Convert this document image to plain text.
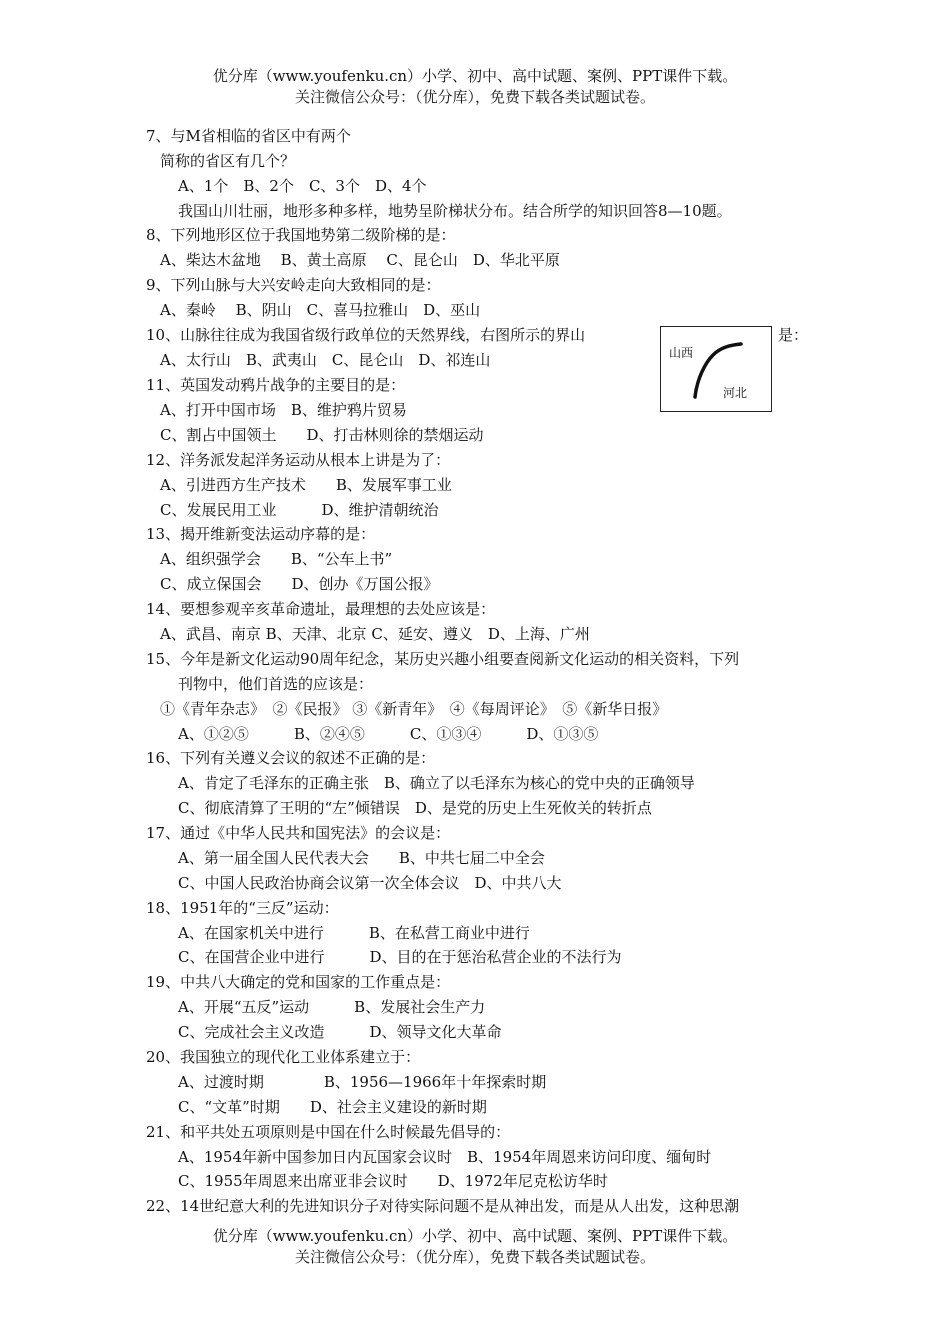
优分库（www.youfenku.cn）小学、初中、高中试题、案例、PPT课件下载。
关注微信公众号：（优分库），免费下载各类试题试卷。
7、与M省相临的省区中有两个
简称的省区有几个？
A、1个　B、2个　C、3个　D、4个
我国山川壮丽，地形多种多样，地势呈阶梯状分布。结合所学的知识回答8—10题。
8、下列地形区位于我国地势第二级阶梯的是：
A、柴达木盆地　 B、黄土高原　 C、昆仑山　D、华北平原
9、下列山脉与大兴安岭走向大致相同的是：
A、秦岭　 B、阴山　C、喜马拉雅山　D、巫山
10、山脉往往成为我国省级行政单位的天然界线，右图所示的界山	是：
A、太行山　B、武夷山　C、昆仑山　D、祁连山	山西
河北
11、英国发动鸦片战争的主要目的是：
A、打开中国市场　B、维护鸦片贸易
C、割占中国领土　　D、打击林则徐的禁烟运动
12、洋务派发起洋务运动从根本上讲是为了：
A、引进西方生产技术　　B、发展军事工业
C、发展民用工业　　　D、维护清朝统治
13、揭开维新变法运动序幕的是：
A、组织强学会　　B、“公车上书”
C、成立保国会　　D、创办《万国公报》
14、要想参观辛亥革命遗址，最理想的去处应该是：
A、武昌、南京 B、天津、北京 C、延安、遵义　D、上海、广州
15、今年是新文化运动90周年纪念，某历史兴趣小组要查阅新文化运动的相关资料，下列
刊物中，他们首选的应该是：
①《青年杂志》　②《民报》 ③《新青年》　④《每周评论》　⑤《新华日报》
A、①②⑤　　　B、②④⑤　　　C、①③④　　　D、①③⑤
16、下列有关遵义会议的叙述不正确的是：
A、肯定了毛泽东的正确主张　B、确立了以毛泽东为核心的党中央的正确领导
C、彻底清算了王明的“左”倾错误　D、是党的历史上生死攸关的转折点
17、通过《中华人民共和国宪法》的会议是：
A、第一届全国人民代表大会　　B、中共七届二中全会
C、中国人民政治协商会议第一次全体会议　D、中共八大
18、1951年的“三反”运动：
A、在国家机关中进行　　　B、在私营工商业中进行
C、在国营企业中进行　　　D、目的在于惩治私营企业的不法行为
19、中共八大确定的党和国家的工作重点是：
A、开展“五反”运动　　　B、发展社会生产力
C、完成社会主义改造　　　D、领导文化大革命
20、我国独立的现代化工业体系建立于：
A、过渡时期　　　　B、1956—1966年十年探索时期
C、“文革”时期　　D、社会主义建设的新时期
21、和平共处五项原则是中国在什么时候最先倡导的：
A、1954年新中国参加日内瓦国家会议时　B、1954年周恩来访问印度、缅甸时
C、1955年周恩来出席亚非会议时　　D、1972年尼克松访华时
22、14世纪意大利的先进知识分子对待实际问题不是从神出发，而是从人出发，这种思潮
优分库（www.youfenku.cn）小学、初中、高中试题、案例、PPT课件下载。
关注微信公众号：（优分库），免费下载各类试题试卷。
